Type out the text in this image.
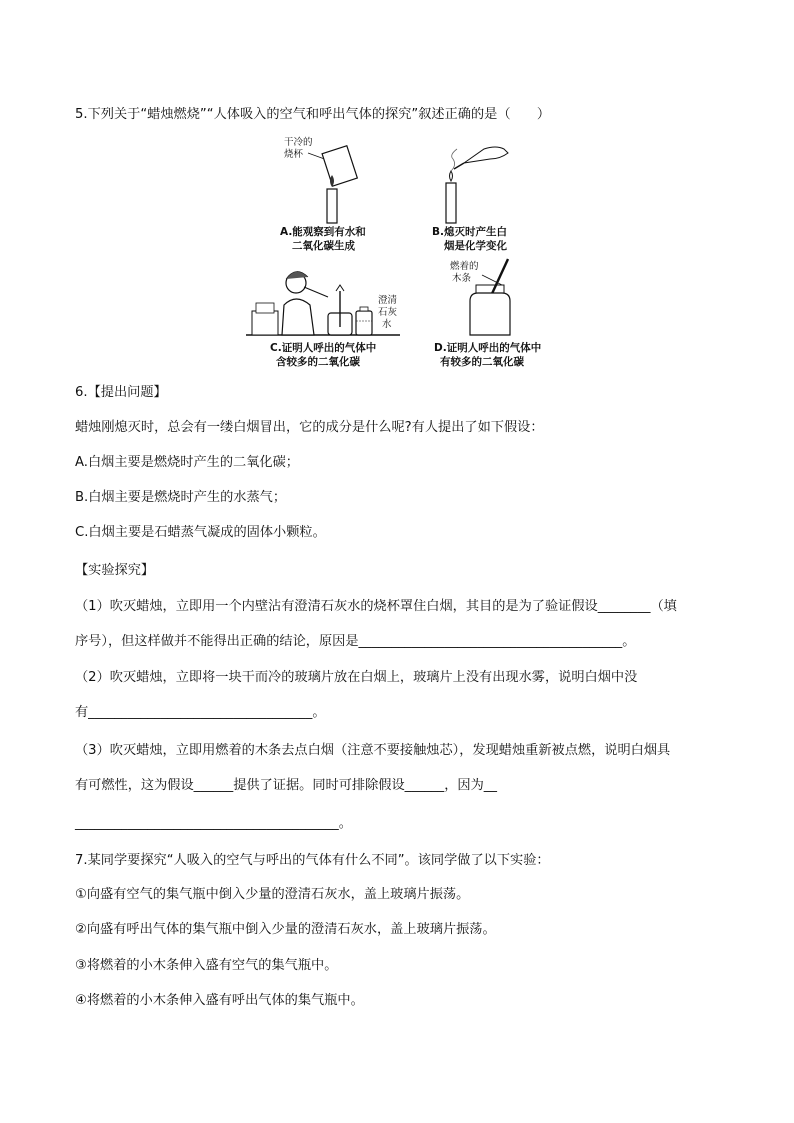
5.下列关于“蜡烛燃烧”“人体吸入的空气和呼出气体的探究”叙述正确的是（　　）
干冷的
烧杯
A.能观察到有水和
二氧化碳生成
B.熄灭时产生白
烟是化学变化
澄清
石灰
水
C.证明人呼出的气体中
含较多的二氧化碳
燃着的
木条
D.证明人呼出的气体中
有较多的二氧化碳
6.【提出问题】
蜡烛刚熄灭时，总会有一缕白烟冒出，它的成分是什么呢?有人提出了如下假设：
A.白烟主要是燃烧时产生的二氧化碳；
B.白烟主要是燃烧时产生的水蒸气；
C.白烟主要是石蜡蒸气凝成的固体小颗粒。
【实验探究】
（1）吹灭蜡烛，立即用一个内壁沾有澄清石灰水的烧杯罩住白烟，其目的是为了验证假设________（填
序号），但这样做并不能得出正确的结论，原因是________________________________________。
（2）吹灭蜡烛，立即将一块干而冷的玻璃片放在白烟上，玻璃片上没有出现水雾，说明白烟中没
有__________________________________。
（3）吹灭蜡烛，立即用燃着的木条去点白烟（注意不要接触烛芯），发现蜡烛重新被点燃，说明白烟具
有可燃性，这为假设______提供了证据。同时可排除假设______，因为__
________________________________________。
7.某同学要探究“人吸入的空气与呼出的气体有什么不同”。该同学做了以下实验：
①向盛有空气的集气瓶中倒入少量的澄清石灰水，盖上玻璃片振荡。
②向盛有呼出气体的集气瓶中倒入少量的澄清石灰水，盖上玻璃片振荡。
③将燃着的小木条伸入盛有空气的集气瓶中。
④将燃着的小木条伸入盛有呼出气体的集气瓶中。
